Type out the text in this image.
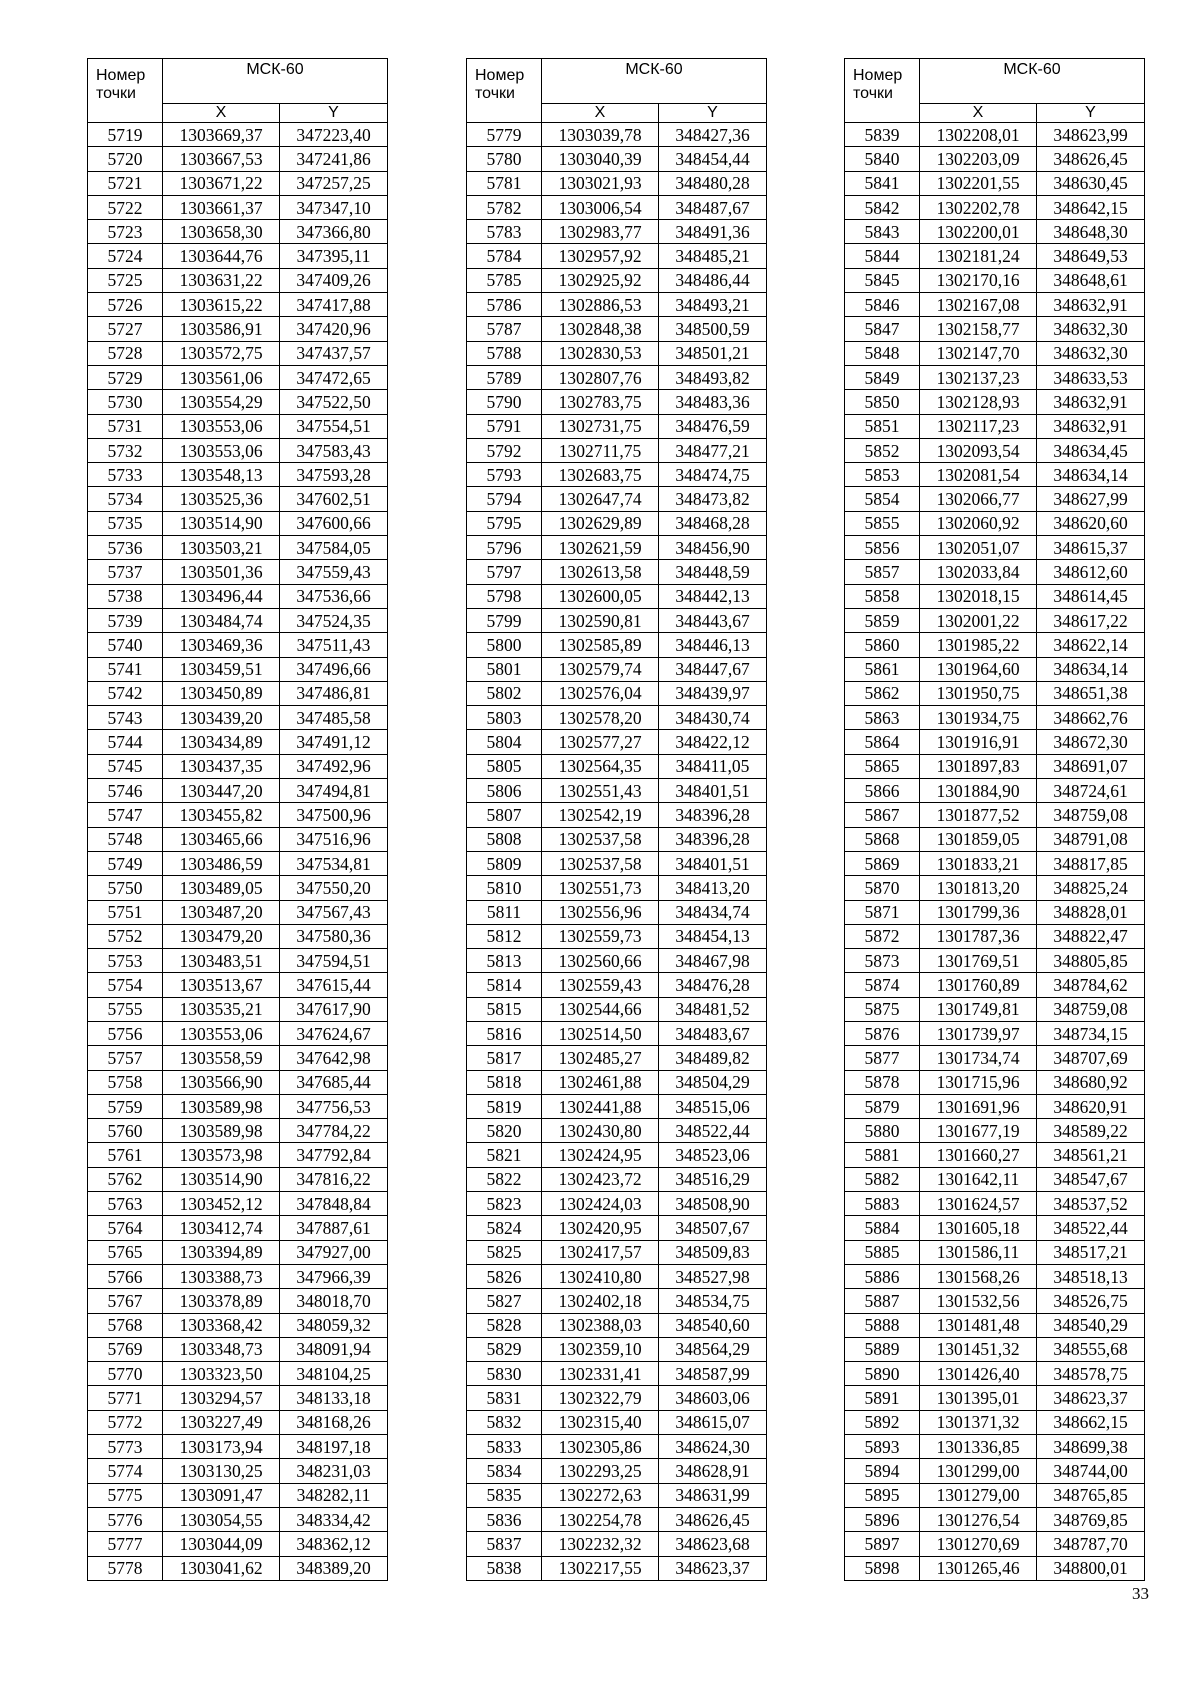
Номер точки	МСК-60	
	X	Y
5719	1303669,37	347223,40
5720	1303667,53	347241,86
5721	1303671,22	347257,25
5722	1303661,37	347347,10
5723	1303658,30	347366,80
5724	1303644,76	347395,11
5725	1303631,22	347409,26
5726	1303615,22	347417,88
5727	1303586,91	347420,96
5728	1303572,75	347437,57
5729	1303561,06	347472,65
5730	1303554,29	347522,50
5731	1303553,06	347554,51
5732	1303553,06	347583,43
5733	1303548,13	347593,28
5734	1303525,36	347602,51
5735	1303514,90	347600,66
5736	1303503,21	347584,05
5737	1303501,36	347559,43
5738	1303496,44	347536,66
5739	1303484,74	347524,35
5740	1303469,36	347511,43
5741	1303459,51	347496,66
5742	1303450,89	347486,81
5743	1303439,20	347485,58
5744	1303434,89	347491,12
5745	1303437,35	347492,96
5746	1303447,20	347494,81
5747	1303455,82	347500,96
5748	1303465,66	347516,96
5749	1303486,59	347534,81
5750	1303489,05	347550,20
5751	1303487,20	347567,43
5752	1303479,20	347580,36
5753	1303483,51	347594,51
5754	1303513,67	347615,44
5755	1303535,21	347617,90
5756	1303553,06	347624,67
5757	1303558,59	347642,98
5758	1303566,90	347685,44
5759	1303589,98	347756,53
5760	1303589,98	347784,22
5761	1303573,98	347792,84
5762	1303514,90	347816,22
5763	1303452,12	347848,84
5764	1303412,74	347887,61
5765	1303394,89	347927,00
5766	1303388,73	347966,39
5767	1303378,89	348018,70
5768	1303368,42	348059,32
5769	1303348,73	348091,94
5770	1303323,50	348104,25
5771	1303294,57	348133,18
5772	1303227,49	348168,26
5773	1303173,94	348197,18
5774	1303130,25	348231,03
5775	1303091,47	348282,11
5776	1303054,55	348334,42
5777	1303044,09	348362,12
5778	1303041,62	348389,20
Номер точки	МСК-60	
	X	Y
5779	1303039,78	348427,36
5780	1303040,39	348454,44
5781	1303021,93	348480,28
5782	1303006,54	348487,67
5783	1302983,77	348491,36
5784	1302957,92	348485,21
5785	1302925,92	348486,44
5786	1302886,53	348493,21
5787	1302848,38	348500,59
5788	1302830,53	348501,21
5789	1302807,76	348493,82
5790	1302783,75	348483,36
5791	1302731,75	348476,59
5792	1302711,75	348477,21
5793	1302683,75	348474,75
5794	1302647,74	348473,82
5795	1302629,89	348468,28
5796	1302621,59	348456,90
5797	1302613,58	348448,59
5798	1302600,05	348442,13
5799	1302590,81	348443,67
5800	1302585,89	348446,13
5801	1302579,74	348447,67
5802	1302576,04	348439,97
5803	1302578,20	348430,74
5804	1302577,27	348422,12
5805	1302564,35	348411,05
5806	1302551,43	348401,51
5807	1302542,19	348396,28
5808	1302537,58	348396,28
5809	1302537,58	348401,51
5810	1302551,73	348413,20
5811	1302556,96	348434,74
5812	1302559,73	348454,13
5813	1302560,66	348467,98
5814	1302559,43	348476,28
5815	1302544,66	348481,52
5816	1302514,50	348483,67
5817	1302485,27	348489,82
5818	1302461,88	348504,29
5819	1302441,88	348515,06
5820	1302430,80	348522,44
5821	1302424,95	348523,06
5822	1302423,72	348516,29
5823	1302424,03	348508,90
5824	1302420,95	348507,67
5825	1302417,57	348509,83
5826	1302410,80	348527,98
5827	1302402,18	348534,75
5828	1302388,03	348540,60
5829	1302359,10	348564,29
5830	1302331,41	348587,99
5831	1302322,79	348603,06
5832	1302315,40	348615,07
5833	1302305,86	348624,30
5834	1302293,25	348628,91
5835	1302272,63	348631,99
5836	1302254,78	348626,45
5837	1302232,32	348623,68
5838	1302217,55	348623,37
Номер точки	МСК-60	
	X	Y
5839	1302208,01	348623,99
5840	1302203,09	348626,45
5841	1302201,55	348630,45
5842	1302202,78	348642,15
5843	1302200,01	348648,30
5844	1302181,24	348649,53
5845	1302170,16	348648,61
5846	1302167,08	348632,91
5847	1302158,77	348632,30
5848	1302147,70	348632,30
5849	1302137,23	348633,53
5850	1302128,93	348632,91
5851	1302117,23	348632,91
5852	1302093,54	348634,45
5853	1302081,54	348634,14
5854	1302066,77	348627,99
5855	1302060,92	348620,60
5856	1302051,07	348615,37
5857	1302033,84	348612,60
5858	1302018,15	348614,45
5859	1302001,22	348617,22
5860	1301985,22	348622,14
5861	1301964,60	348634,14
5862	1301950,75	348651,38
5863	1301934,75	348662,76
5864	1301916,91	348672,30
5865	1301897,83	348691,07
5866	1301884,90	348724,61
5867	1301877,52	348759,08
5868	1301859,05	348791,08
5869	1301833,21	348817,85
5870	1301813,20	348825,24
5871	1301799,36	348828,01
5872	1301787,36	348822,47
5873	1301769,51	348805,85
5874	1301760,89	348784,62
5875	1301749,81	348759,08
5876	1301739,97	348734,15
5877	1301734,74	348707,69
5878	1301715,96	348680,92
5879	1301691,96	348620,91
5880	1301677,19	348589,22
5881	1301660,27	348561,21
5882	1301642,11	348547,67
5883	1301624,57	348537,52
5884	1301605,18	348522,44
5885	1301586,11	348517,21
5886	1301568,26	348518,13
5887	1301532,56	348526,75
5888	1301481,48	348540,29
5889	1301451,32	348555,68
5890	1301426,40	348578,75
5891	1301395,01	348623,37
5892	1301371,32	348662,15
5893	1301336,85	348699,38
5894	1301299,00	348744,00
5895	1301279,00	348765,85
5896	1301276,54	348769,85
5897	1301270,69	348787,70
5898	1301265,46	348800,01
33
